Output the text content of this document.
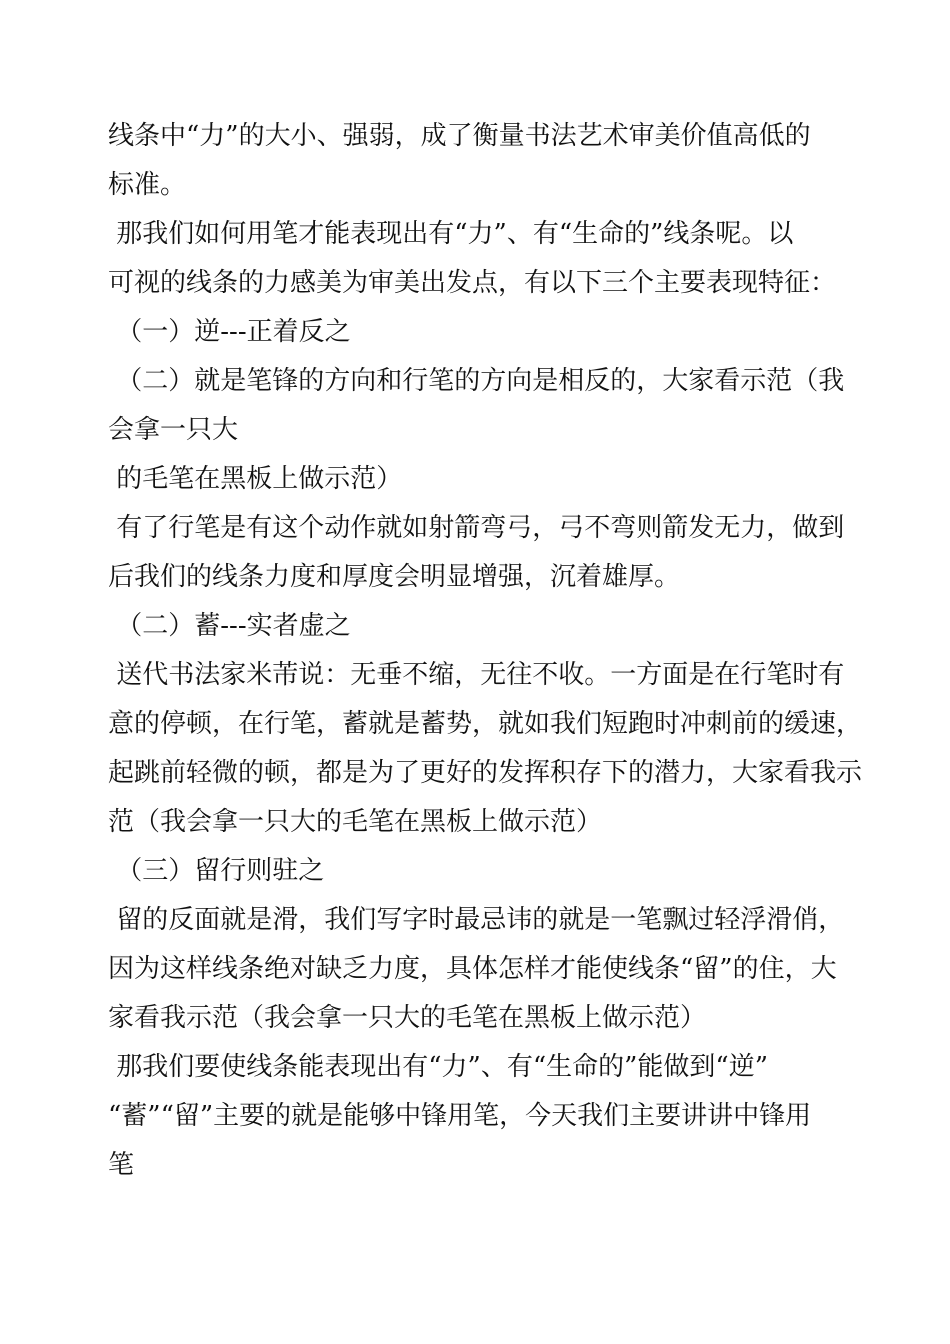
线条中“力”的大小、强弱，成了衡量书法艺术审美价值高低的
标准。
那我们如何用笔才能表现出有“力”、有“生命的”线条呢。以
可视的线条的力感美为审美出发点，有以下三个主要表现特征：
（一）逆---正着反之
（二）就是笔锋的方向和行笔的方向是相反的，大家看示范（我
会拿一只大
的毛笔在黑板上做示范）
有了行笔是有这个动作就如射箭弯弓，弓不弯则箭发无力，做到
后我们的线条力度和厚度会明显增强，沉着雄厚。
（二）蓄---实者虚之
送代书法家米芾说：无垂不缩，无往不收。一方面是在行笔时有
意的停顿，在行笔，蓄就是蓄势，就如我们短跑时冲刺前的缓速，
起跳前轻微的顿，都是为了更好的发挥积存下的潜力，大家看我示
范（我会拿一只大的毛笔在黑板上做示范）
（三）留行则驻之
留的反面就是滑，我们写字时最忌讳的就是一笔飘过轻浮滑俏，
因为这样线条绝对缺乏力度，具体怎样才能使线条“留”的住，大
家看我示范（我会拿一只大的毛笔在黑板上做示范）
那我们要使线条能表现出有“力”、有“生命的”能做到“逆”
“蓄”“留”主要的就是能够中锋用笔，今天我们主要讲讲中锋用
笔
